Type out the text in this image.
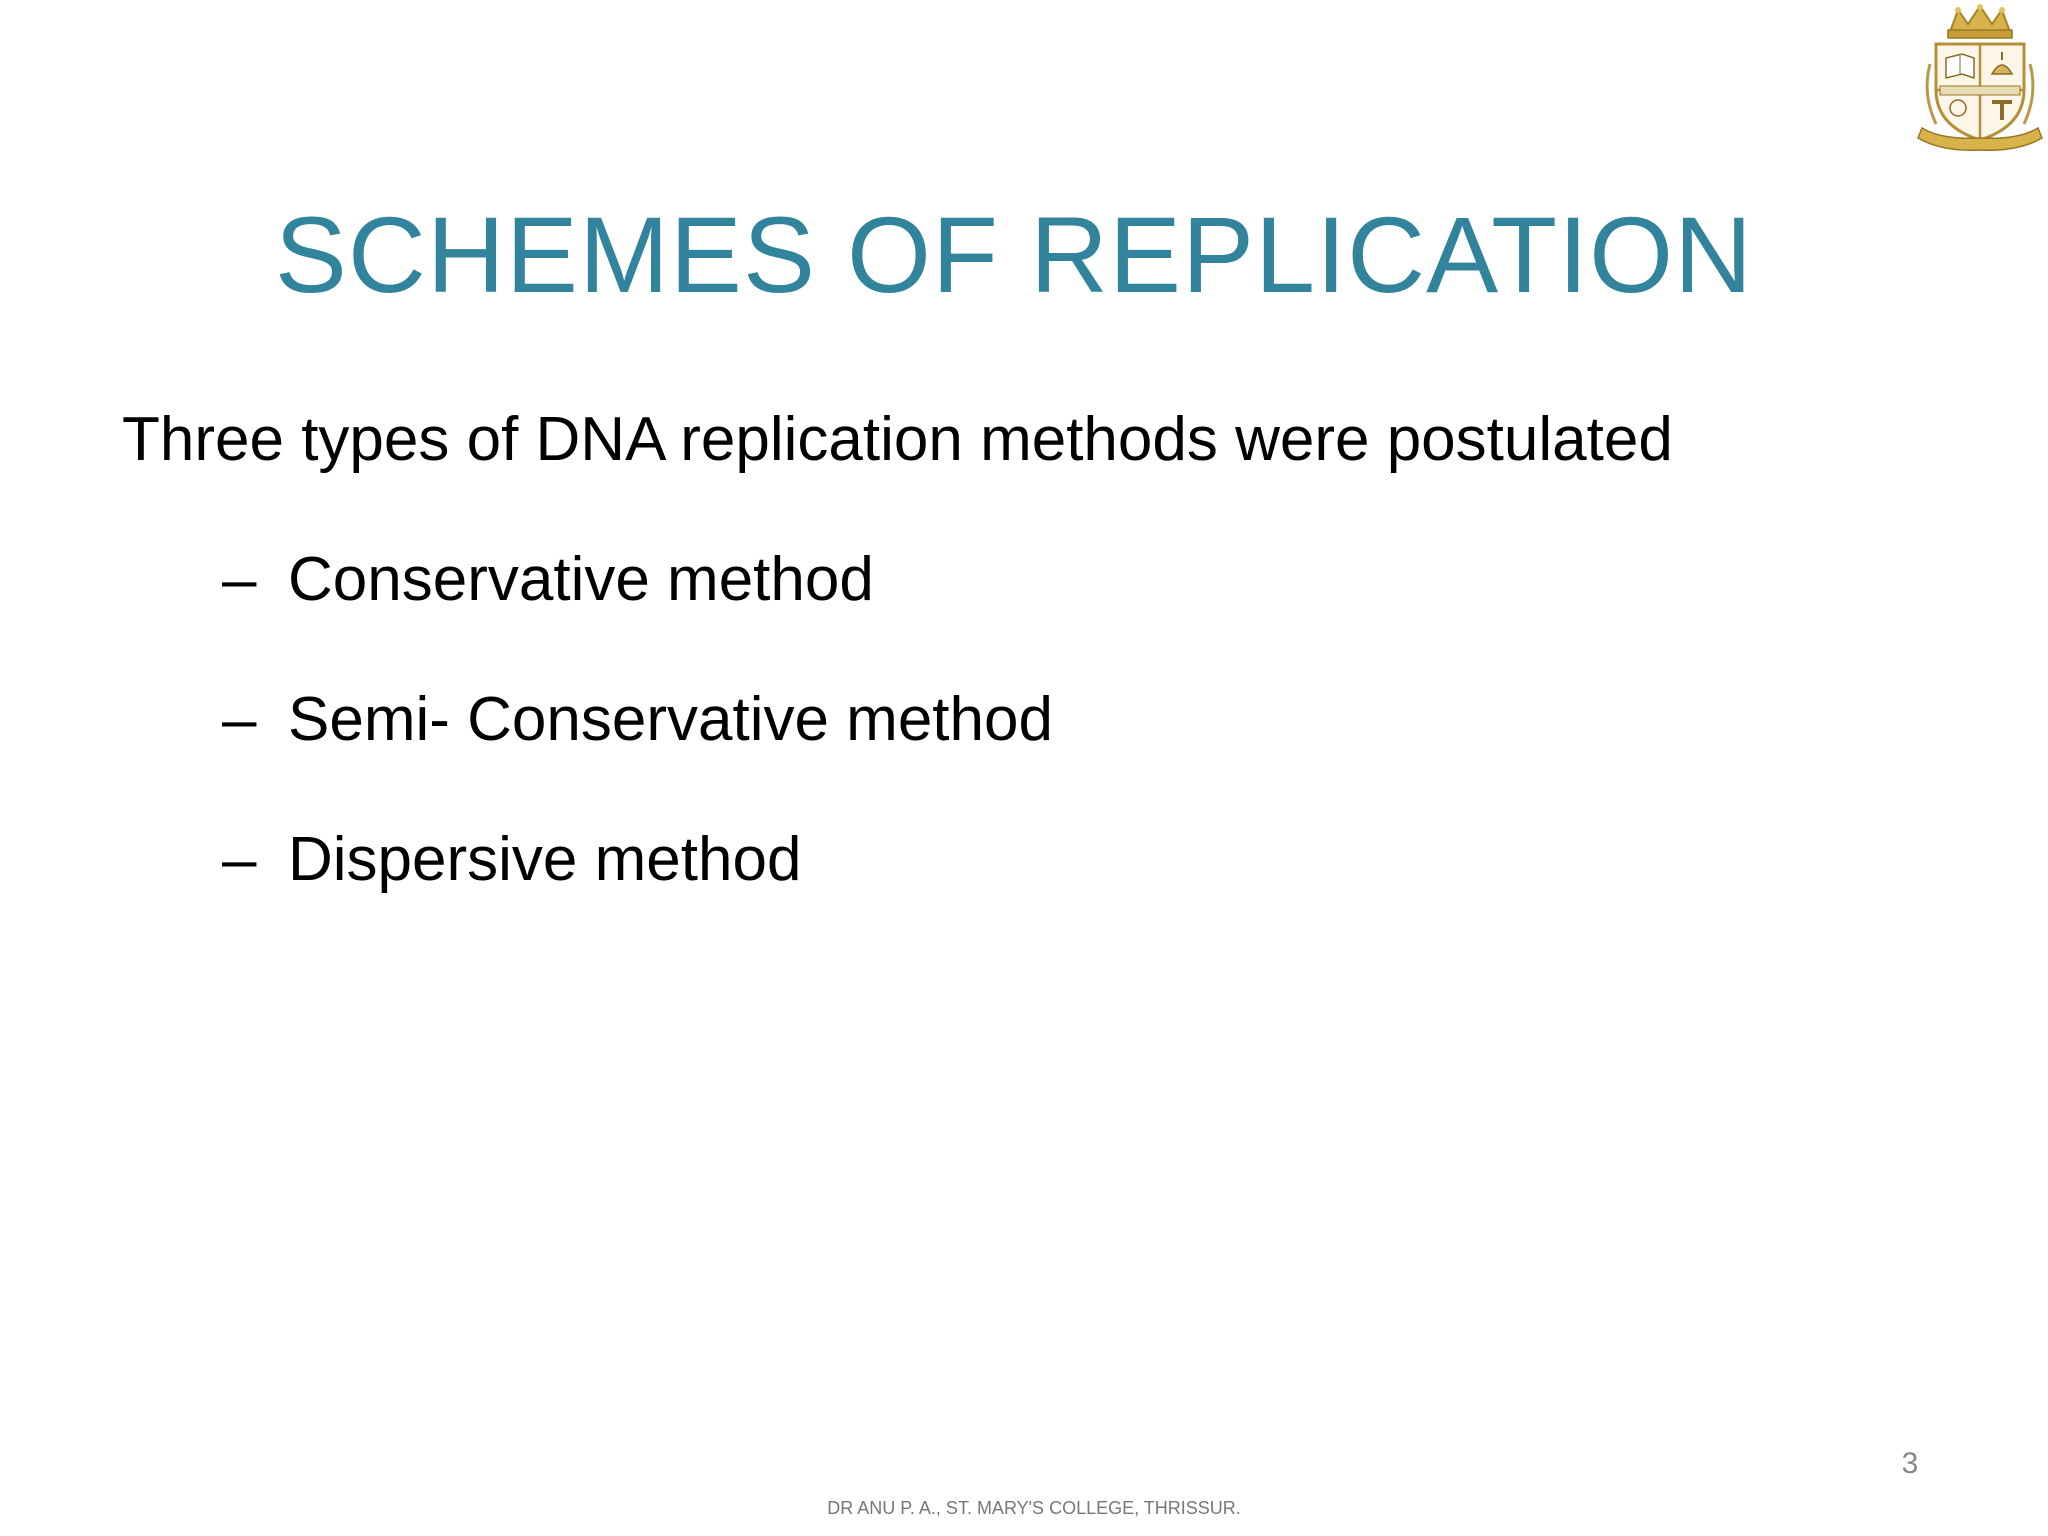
SCHEMES OF REPLICATION

Three types of DNA replication methods were postulated

– Conservative method
– Semi- Conservative method
– Dispersive method
3
DR ANU P. A., ST. MARY'S COLLEGE, THRISSUR.
